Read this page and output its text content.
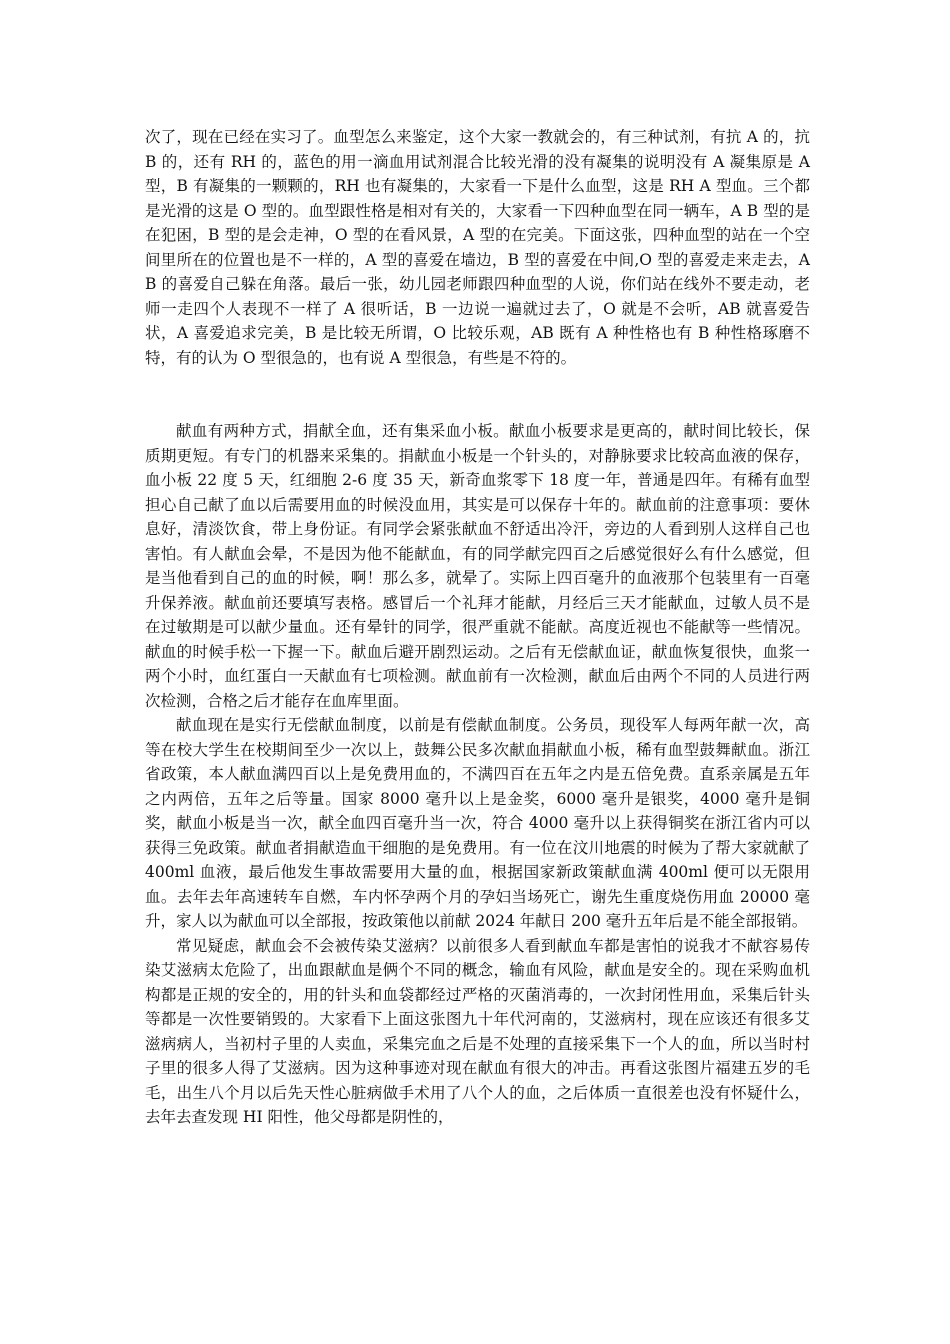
次了，现在已经在实习了。血型怎么来鉴定，这个大家一教就会的，有三种试剂，有抗 A 的，抗 B 的，还有 RH 的，蓝色的用一滴血用试剂混合比较光滑的没有凝集的说明没有 A 凝集原是 A 型，B 有凝集的一颗颗的，RH 也有凝集的，大家看一下是什么血型，这是 RH A 型血。三个都是光滑的这是 O 型的。血型跟性格是相对有关的，大家看一下四种血型在同一辆车，A B 型的是在犯困，B 型的是会走神，O 型的在看风景，A 型的在完美。下面这张，四种血型的站在一个空间里所在的位置也是不一样的，A 型的喜爱在墙边，B 型的喜爱在中间,O 型的喜爱走来走去，AB 的喜爱自己躲在角落。最后一张，幼儿园老师跟四种血型的人说，你们站在线外不要走动，老师一走四个人表现不一样了 A 很听话，B 一边说一遍就过去了，O 就是不会听，AB 就喜爱告状，A 喜爱追求完美，B 是比较无所谓，O 比较乐观，AB 既有 A 种性格也有 B 种性格琢磨不特，有的认为 O 型很急的，也有说 A 型很急，有些是不符的。

献血有两种方式，捐献全血，还有集采血小板。献血小板要求是更高的，献时间比较长，保质期更短。有专门的机器来采集的。捐献血小板是一个针头的，对静脉要求比较高血液的保存，血小板 22 度 5 天，红细胞 2-6 度 35 天，新奇血浆零下 18 度一年，普通是四年。有稀有血型担心自己献了血以后需要用血的时候没血用，其实是可以保存十年的。献血前的注意事项：要休息好，清淡饮食，带上身份证。有同学会紧张献血不舒适出冷汗，旁边的人看到别人这样自己也害怕。有人献血会晕，不是因为他不能献血，有的同学献完四百之后感觉很好么有什么感觉，但是当他看到自己的血的时候，啊！那么多，就晕了。实际上四百毫升的血液那个包装里有一百毫升保养液。献血前还要填写表格。感冒后一个礼拜才能献，月经后三天才能献血，过敏人员不是在过敏期是可以献少量血。还有晕针的同学，很严重就不能献。高度近视也不能献等一些情况。献血的时候手松一下握一下。献血后避开剧烈运动。之后有无偿献血证，献血恢复很快，血浆一两个小时，血红蛋白一天献血有七项检测。献血前有一次检测，献血后由两个不同的人员进行两次检测，合格之后才能存在血库里面。

献血现在是实行无偿献血制度，以前是有偿献血制度。公务员，现役军人每两年献一次，高等在校大学生在校期间至少一次以上，鼓舞公民多次献血捐献血小板，稀有血型鼓舞献血。浙江省政策，本人献血满四百以上是免费用血的，不满四百在五年之内是五倍免费。直系亲属是五年之内两倍，五年之后等量。国家 8000 毫升以上是金奖，6000 毫升是银奖，4000 毫升是铜奖，献血小板是当一次，献全血四百毫升当一次，符合 4000 毫升以上获得铜奖在浙江省内可以获得三免政策。献血者捐献造血干细胞的是免费用。有一位在汶川地震的时候为了帮大家就献了 400ml 血液，最后他发生事故需要用大量的血，根据国家新政策献血满 400ml 便可以无限用血。去年去年高速转车自燃，车内怀孕两个月的孕妇当场死亡，谢先生重度烧伤用血 20000 毫升，家人以为献血可以全部报，按政策他以前献 2024 年献日 200 毫升五年后是不能全部报销。

常见疑虑，献血会不会被传染艾滋病？以前很多人看到献血车都是害怕的说我才不献容易传染艾滋病太危险了，出血跟献血是俩个不同的概念，输血有风险，献血是安全的。现在采购血机构都是正规的安全的，用的针头和血袋都经过严格的灭菌消毒的，一次封闭性用血，采集后针头等都是一次性要销毁的。大家看下上面这张图九十年代河南的，艾滋病村，现在应该还有很多艾滋病病人，当初村子里的人卖血，采集完血之后是不处理的直接采集下一个人的血，所以当时村子里的很多人得了艾滋病。因为这种事迹对现在献血有很大的冲击。再看这张图片福建五岁的毛毛，出生八个月以后先天性心脏病做手术用了八个人的血，之后体质一直很差也没有怀疑什么，去年去查发现 HI 阳性，他父母都是阴性的，
